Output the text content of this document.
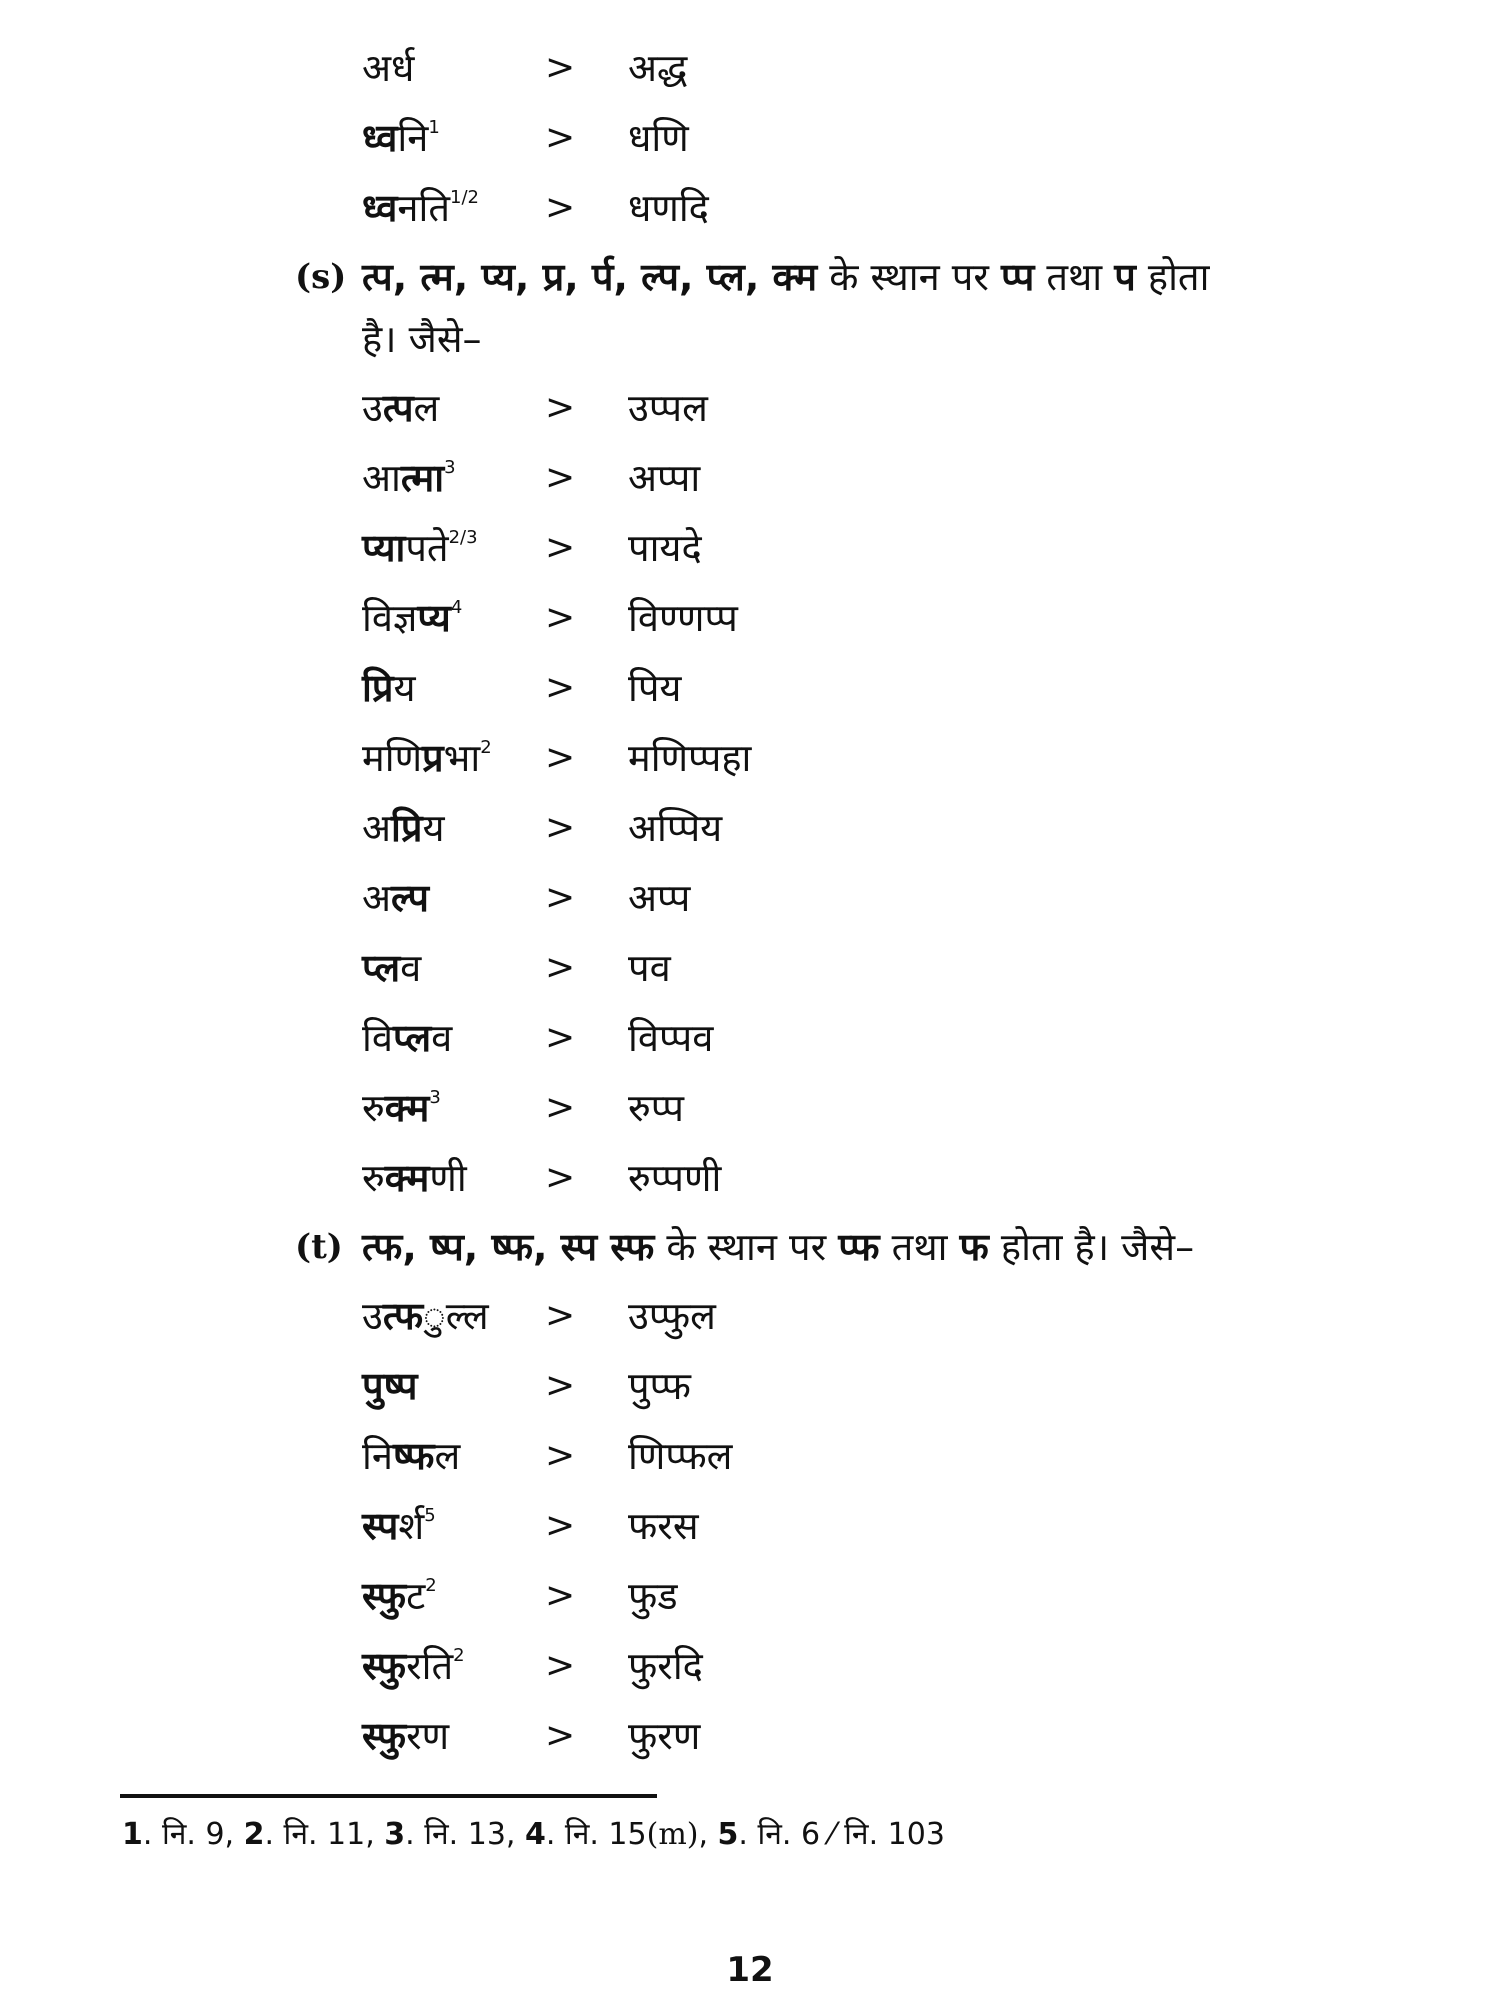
अर्ध	> अद्ध
ध्वनि$^1$	> धणि
ध्वनति$^{1/2}$ > धणदि
(s) त्प, त्म, प्य, प्र, र्प, ल्प, प्ल, क्म के स्थान पर प्प तथा प होता
है। जैसे–
उत्पल	> उप्पल
आत्मा$^3$ > अप्पा
प्यापते$^{2/3}$ > पायदे
विज्ञप्य$^4$ > विण्णप्प
प्रिय	> पिय
मणिप्रभा$^2$ > मणिप्पहा
अप्रिय	> अप्पिय
अल्प	> अप्प
प्लव	> पव
विप्लव	> विप्पव
रुक्म$^3$	> रुप्प
रुक्मणी > रुप्पणी
(t) त्फ, ष्प, ष्फ, स्प स्फ के स्थान पर प्फ तथा फ होता है। जैसे–
उत्फुल्ल > उप्फुल
पुष्प	> पुप्फ
निष्फल > णिप्फल
स्पर्श$^5$	> फरस
स्फुट$^2$	> फुड
स्फुरति$^2$ > फुरदि
स्फुरण	> फुरण
1. नि. 9, 2. नि. 11, 3. नि. 13, 4. नि. 15(m), 5. नि. 6 ⁄ नि. 103
12
